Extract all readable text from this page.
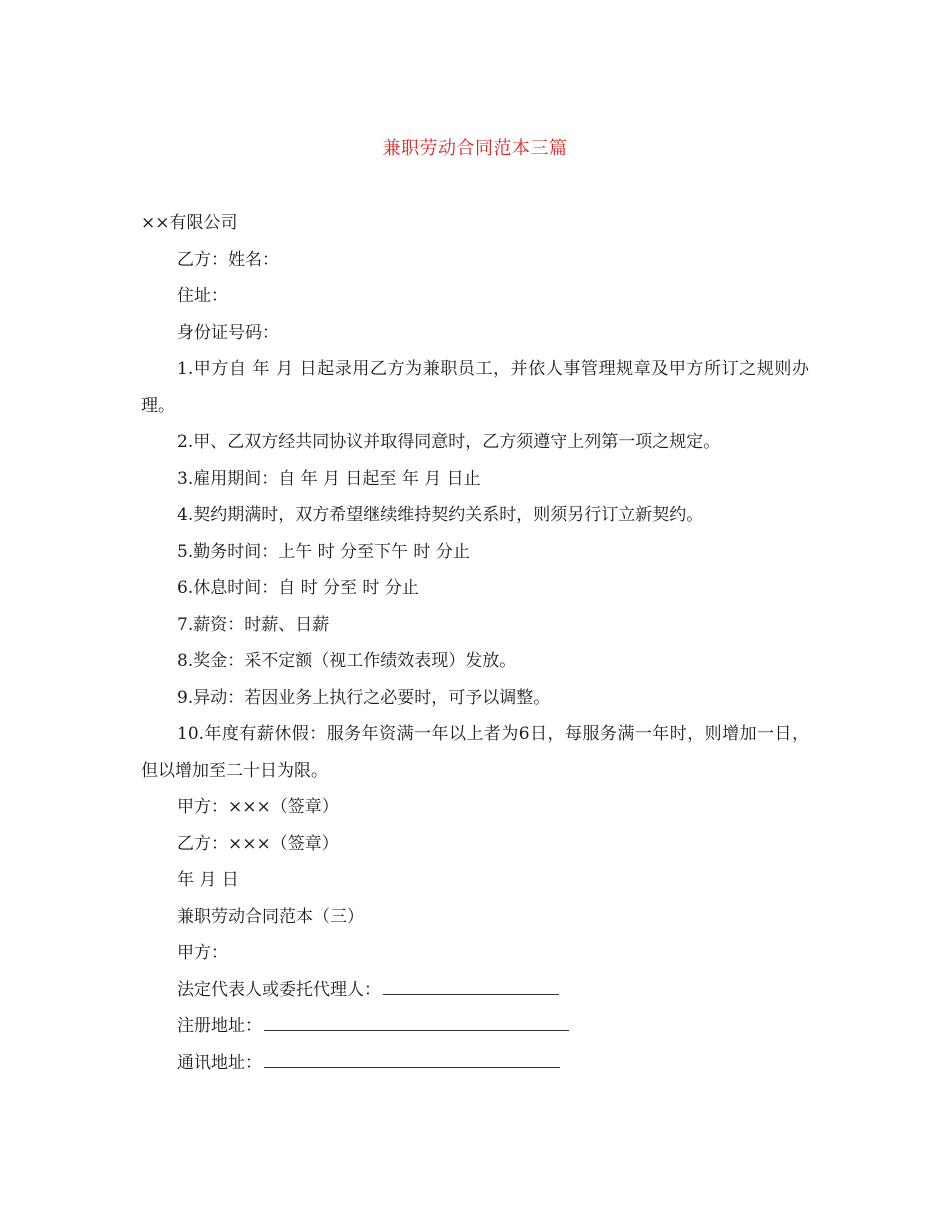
兼职劳动合同范本三篇

××有限公司

乙方：姓名：

住址：

身份证号码：

1.甲方自 年 月 日起录用乙方为兼职员工，并依人事管理规章及甲方所订之规则办理。

2.甲、乙双方经共同协议并取得同意时，乙方须遵守上列第一项之规定。

3.雇用期间：自 年 月 日起至 年 月 日止

4.契约期满时，双方希望继续维持契约关系时，则须另行订立新契约。

5.勤务时间：上午 时 分至下午 时 分止

6.休息时间：自 时 分至 时 分止

7.薪资：时薪、日薪

8.奖金：采不定额（视工作绩效表现）发放。

9.异动：若因业务上执行之必要时，可予以调整。

10.年度有薪休假：服务年资满一年以上者为6日，每服务满一年时，则增加一日，但以增加至二十日为限。

甲方：×××（签章）

乙方：×××（签章）

年 月 日

兼职劳动合同范本（三）

甲方：

法定代表人或委托代理人：

注册地址：

通讯地址：
